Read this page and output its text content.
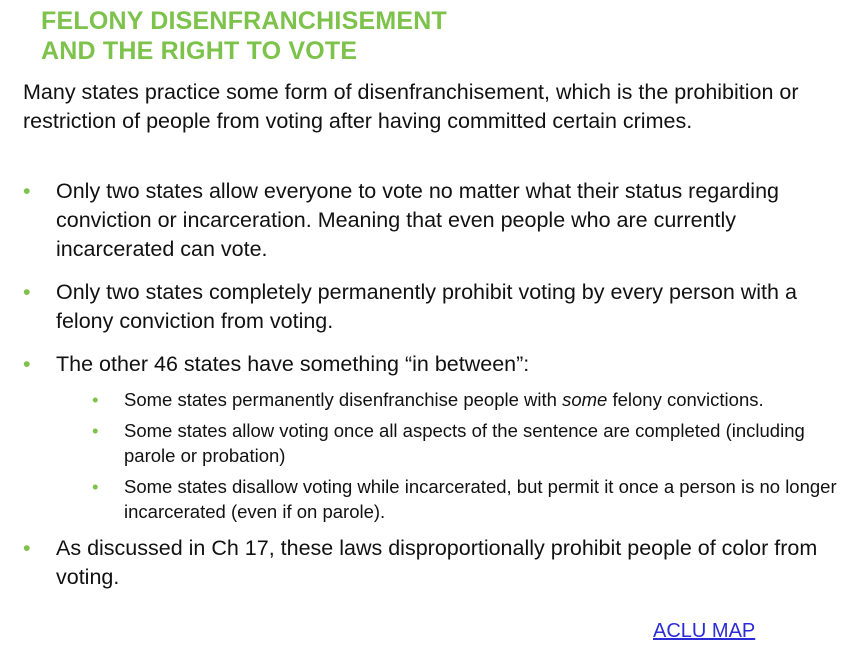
FELONY DISENFRANCHISEMENT
AND THE RIGHT TO VOTE

Many states practice some form of disenfranchisement, which is the prohibition or restriction of people from voting after having committed certain crimes.

• Only two states allow everyone to vote no matter what their status regarding conviction or incarceration. Meaning that even people who are currently incarcerated can vote.
• Only two states completely permanently prohibit voting by every person with a felony conviction from voting.
• The other 46 states have something “in between”:
• Some states permanently disenfranchise people with some felony convictions.
• Some states allow voting once all aspects of the sentence are completed (including parole or probation)
• Some states disallow voting while incarcerated, but permit it once a person is no longer incarcerated (even if on parole).
• As discussed in Ch 17, these laws disproportionally prohibit people of color from voting.
ACLU MAP
